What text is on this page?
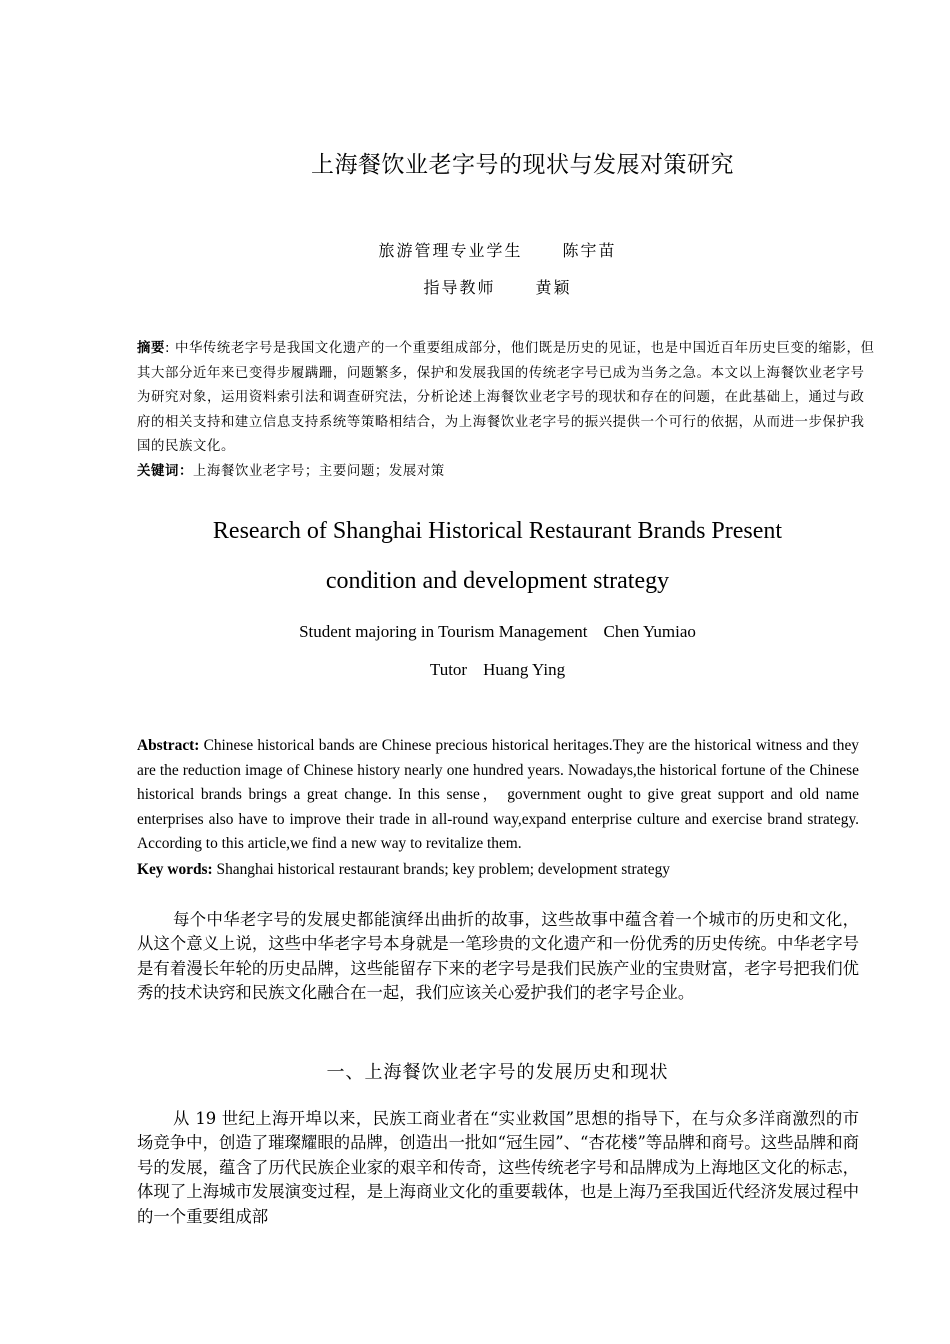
上海餐饮业老字号的现状与发展对策研究
旅游管理专业学生	陈宇苗
指导教师	黄颖
摘要: 中华传统老字号是我国文化遗产的一个重要组成部分，他们既是历史的见证，也是中国近百年历史巨变的缩影，但其大部分近年来已变得步履蹒跚，问题繁多，保护和发展我国的传统老字号已成为当务之急。本文以上海餐饮业老字号为研究对象，运用资料索引法和调查研究法，分析论述上海餐饮业老字号的现状和存在的问题，在此基础上，通过与政府的相关支持和建立信息支持系统等策略相结合，为上海餐饮业老字号的振兴提供一个可行的依据，从而进一步保护我国的民族文化。
关键词：上海餐饮业老字号；主要问题；发展对策
Research of Shanghai Historical Restaurant Brands Present
condition and development strategy
Student majoring in Tourism Management Chen Yumiao
Tutor Huang Ying
Abstract: Chinese historical bands are Chinese precious historical heritages.They are the historical witness and they are the reduction image of Chinese history nearly one hundred years. Nowadays,the historical fortune of the Chinese historical brands brings a great change. In this sense， government ought to give great support and old name enterprises also have to improve their trade in all-round way,expand enterprise culture and exercise brand strategy. According to this article,we find a new way to revitalize them.
Key words: Shanghai historical restaurant brands; key problem; development strategy
每个中华老字号的发展史都能演绎出曲折的故事，这些故事中蕴含着一个城市的历史和文化，从这个意义上说，这些中华老字号本身就是一笔珍贵的文化遗产和一份优秀的历史传统。中华老字号是有着漫长年轮的历史品牌，这些能留存下来的老字号是我们民族产业的宝贵财富，老字号把我们优秀的技术诀窍和民族文化融合在一起，我们应该关心爱护我们的老字号企业。
一、上海餐饮业老字号的发展历史和现状
从 19 世纪上海开埠以来，民族工商业者在“实业救国”思想的指导下，在与众多洋商激烈的市场竞争中，创造了璀璨耀眼的品牌，创造出一批如“冠生园”、“杏花楼”等品牌和商号。这些品牌和商号的发展，蕴含了历代民族企业家的艰辛和传奇，这些传统老字号和品牌成为上海地区文化的标志，体现了上海城市发展演变过程，是上海商业文化的重要载体，也是上海乃至我国近代经济发展过程中的一个重要组成部
